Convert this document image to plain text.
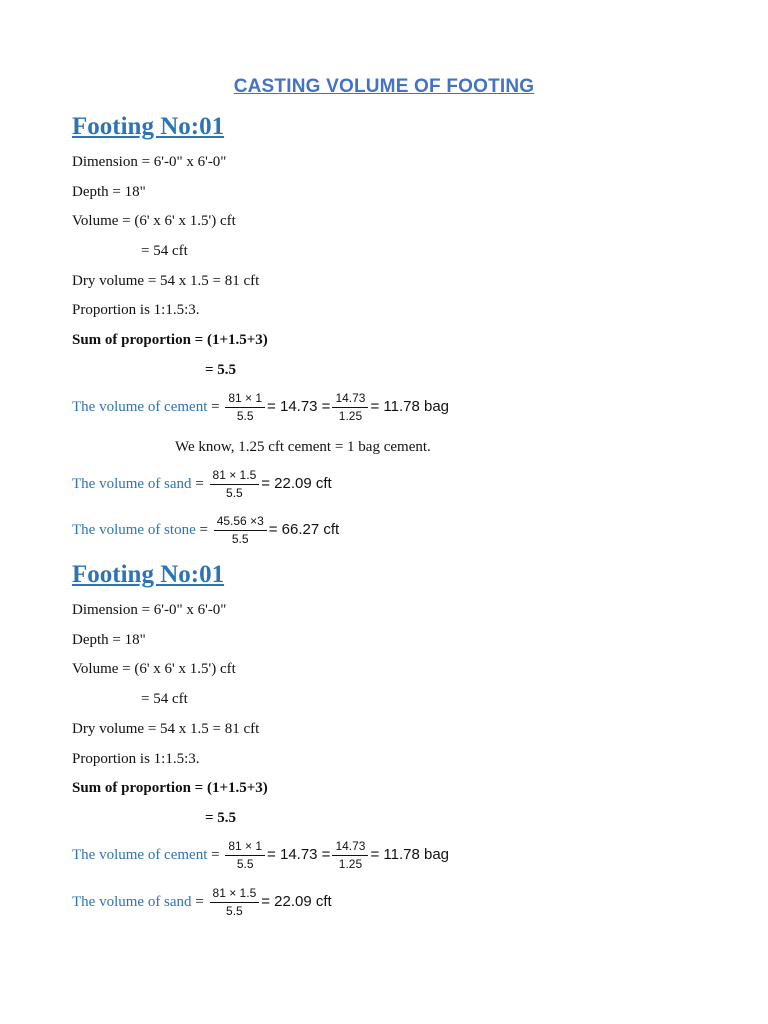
CASTING VOLUME OF FOOTING
Footing No:01
Dimension = 6'-0" x 6'-0"
Depth = 18"
Volume = (6' x 6' x 1.5') cft
= 54 cft
Dry volume = 54 x 1.5 = 81 cft
Proportion is 1:1.5:3.
Sum of proportion = (1+1.5+3)
= 5.5
The volume of cement = $\frac{81 \times 1}{5.5} = 14.73 = \frac{14.73}{1.25} = 11.78$ bag
We know, 1.25 cft cement = 1 bag cement.
The volume of sand = $\frac{81 \times 1.5}{5.5} = 22.09$ cft
The volume of stone = $\frac{45.56 \times 3}{5.5} = 66.27$ cft
Footing No:01
Dimension = 6'-0" x 6'-0"
Depth = 18"
Volume = (6' x 6' x 1.5') cft
= 54 cft
Dry volume = 54 x 1.5 = 81 cft
Proportion is 1:1.5:3.
Sum of proportion = (1+1.5+3)
= 5.5
The volume of cement = $\frac{81 \times 1}{5.5} = 14.73 = \frac{14.73}{1.25} = 11.78$ bag
The volume of sand = $\frac{81 \times 1.5}{5.5} = 22.09$ cft
